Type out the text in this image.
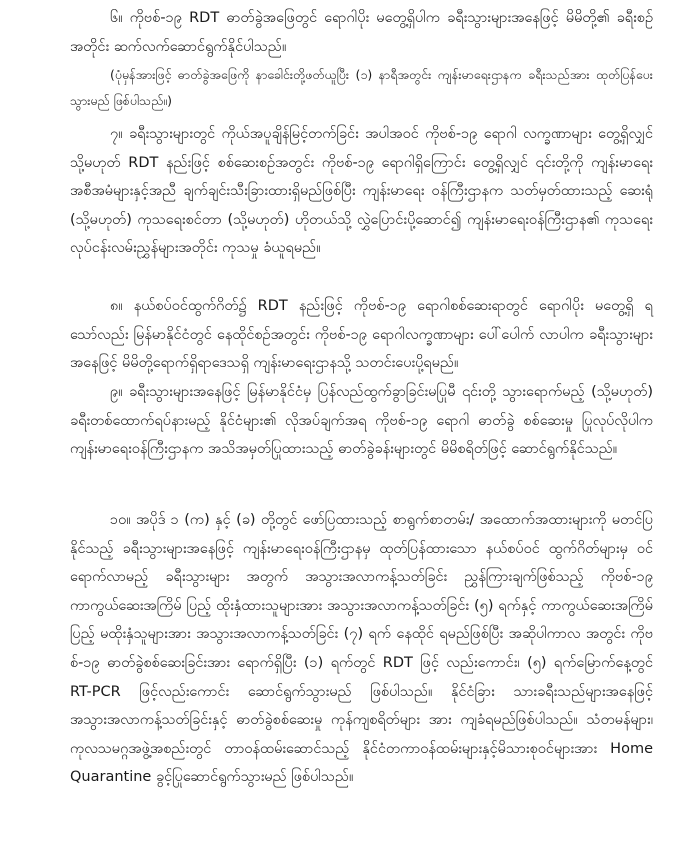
၆။ ကိုဗစ်-၁၉ RDT ဓာတ်ခွဲအဖြေတွင် ရောဂါပိုး မတွေ့ရှိပါက ခရီးသွားများအနေဖြင့် မိမိတို့၏ ခရီးစဉ်အတိုင်း ဆက်လက်ဆောင်ရွက်နိုင်ပါသည်။

(ပုံမှန်အားဖြင့် ဓာတ်ခွဲအဖြေကို နာခေါင်းတို့ဖတ်ယူပြီး (၁) နာရီအတွင်း ကျန်းမာရေးဌာနက ခရီးသည်အား ထုတ်ပြန်ပေးသွားမည် ဖြစ်ပါသည်။)

၇။ ခရီးသွားများတွင် ကိုယ်အပူချိန်မြင့်တက်ခြင်း အပါအဝင် ကိုဗစ်-၁၉ ရောဂါ လက္ခဏာများ တွေ့ရှိလျှင် သို့မဟုတ် RDT နည်းဖြင့် စစ်ဆေးစဉ်အတွင်း ကိုဗစ်-၁၉ ရောဂါရှိကြောင်း တွေ့ရှိလျှင် ၎င်းတို့ကို ကျန်းမာရေးအစီအမံများနှင့်အညီ ချက်ချင်းသီးခြားထားရှိမည်ဖြစ်ပြီး ကျန်းမာရေး ဝန်ကြီးဌာနက သတ်မှတ်ထားသည့် ဆေးရုံ (သို့မဟုတ်) ကုသရေးစင်တာ (သို့မဟုတ်) ဟိုတယ်သို့ လွှဲပြောင်းပို့ဆောင်၍ ကျန်းမာရေးဝန်ကြီးဌာန၏ ကုသရေးလုပ်ငန်းလမ်းညွှန်များအတိုင်း ကုသမှု ခံယူရမည်။

၈။ နယ်စပ်ဝင်ထွက်ဂိတ်၌ RDT နည်းဖြင့် ကိုဗစ်-၁၉ ရောဂါစစ်ဆေးရာတွင် ရောဂါပိုး မတွေ့ရှိ ရသော်လည်း မြန်မာနိုင်ငံတွင် နေထိုင်စဉ်အတွင်း ကိုဗစ်-၁၉ ရောဂါလက္ခဏာများ ပေါ်ပေါက် လာပါက ခရီးသွားများအနေဖြင့် မိမိတို့ရောက်ရှိရာဒေသရှိ ကျန်းမာရေးဌာနသို့ သတင်းပေးပို့ရမည်။

၉။ ခရီးသွားများအနေဖြင့် မြန်မာနိုင်ငံမှ ပြန်လည်ထွက်ခွာခြင်းမပြုမီ ၎င်းတို့ သွားရောက်မည့် (သို့မဟုတ်) ခရီးတစ်ထောက်ရပ်နားမည့် နိုင်ငံများ၏ လိုအပ်ချက်အရ ကိုဗစ်-၁၉ ရောဂါ ဓာတ်ခွဲ စစ်ဆေးမှု ပြုလုပ်လိုပါက ကျန်းမာရေးဝန်ကြီးဌာနက အသိအမှတ်ပြုထားသည့် ဓာတ်ခွဲခန်းများတွင် မိမိစရိတ်ဖြင့် ဆောင်ရွက်နိုင်သည်။

၁၀။ အပိုဒ် ၁ (က) နှင့် (ခ) တို့တွင် ဖော်ပြထားသည့် စာရွက်စာတမ်း/ အထောက်အထားများကို မတင်ပြနိုင်သည့် ခရီးသွားများအနေဖြင့် ကျန်းမာရေးဝန်ကြီးဌာနမှ ထုတ်ပြန်ထားသော နယ်စပ်ဝင် ထွက်ဂိတ်များမှ ဝင်ရောက်လာမည့် ခရီးသွားများ အတွက် အသွားအလာကန့်သတ်ခြင်း ညွှန်ကြားချက်ဖြစ်သည့် ကိုဗစ်-၁၉ ကာကွယ်ဆေးအကြိမ် ပြည့် ထိုးနှံထားသူများအား အသွားအလာကန့်သတ်ခြင်း (၅) ရက်နှင့် ကာကွယ်ဆေးအကြိမ်ပြည့် မထိုးနှံသူများအား အသွားအလာကန့်သတ်ခြင်း (၇) ရက် နေထိုင် ရမည်ဖြစ်ပြီး အဆိုပါကာလ အတွင်း ကိုဗစ်-၁၉ ဓာတ်ခွဲစစ်ဆေးခြင်းအား ရောက်ရှိပြီး (၁) ရက်တွင် RDT ဖြင့် လည်းကောင်း၊ (၅) ရက်မြောက်နေ့တွင် RT-PCR ဖြင့်လည်းကောင်း ဆောင်ရွက်သွားမည် ဖြစ်ပါသည်။ နိုင်ငံခြား သားခရီးသည်များအနေဖြင့် အသွားအလာကန့်သတ်ခြင်းနှင့် ဓာတ်ခွဲစစ်ဆေးမှု ကုန်ကျစရိတ်များ အား ကျခံရမည်ဖြစ်ပါသည်။ သံတမန်များ၊ ကုလသမဂ္ဂအဖွဲ့အစည်းတွင် တာဝန်ထမ်းဆောင်သည့် နိုင်ငံတကာဝန်ထမ်းများနှင့်မိသားစုဝင်များအား Home Quarantine ခွင့်ပြုဆောင်ရွက်သွားမည် ဖြစ်ပါသည်။
